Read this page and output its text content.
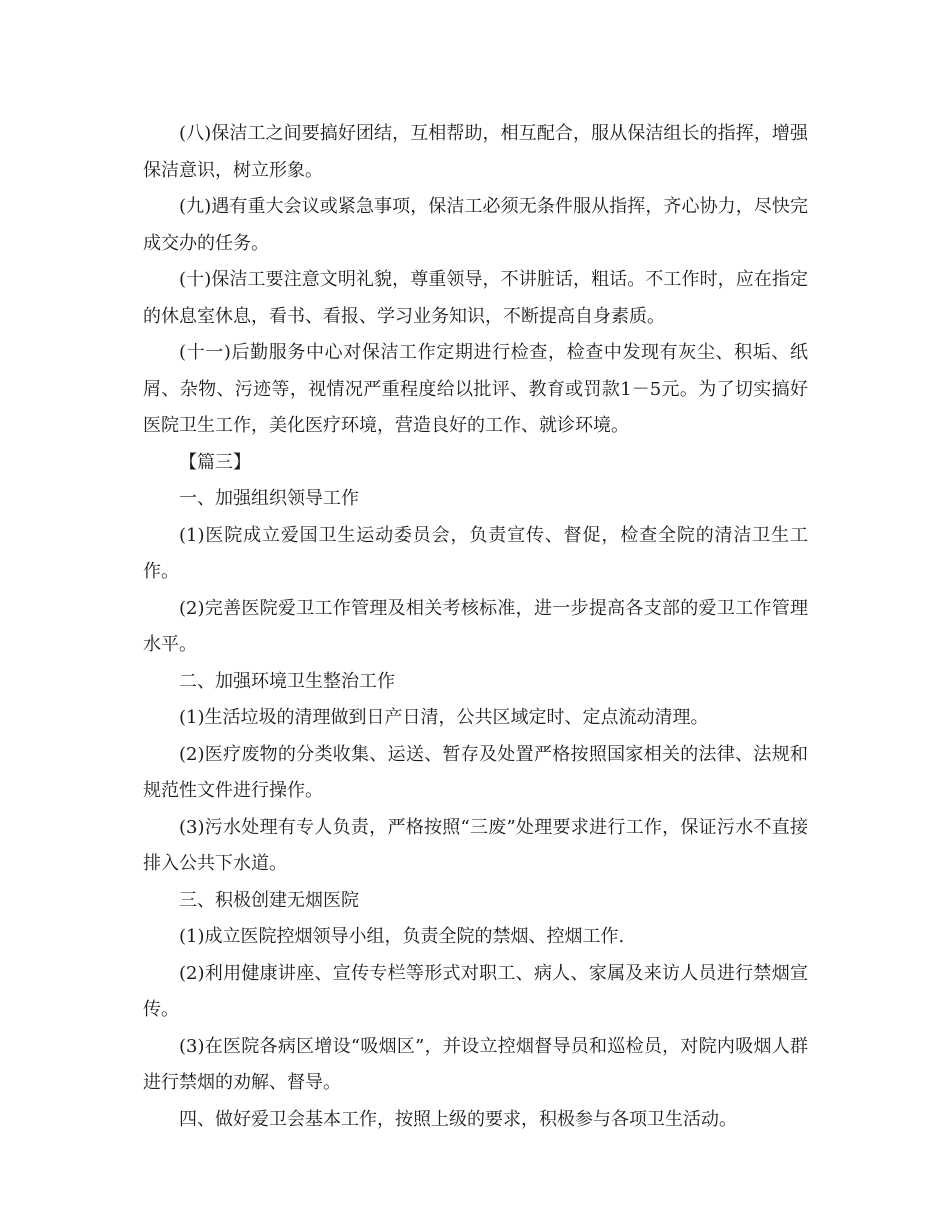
(八)保洁工之间要搞好团结，互相帮助，相互配合，服从保洁组长的指挥，增强保洁意识，树立形象。

(九)遇有重大会议或紧急事项，保洁工必须无条件服从指挥，齐心协力，尽快完成交办的任务。

(十)保洁工要注意文明礼貌，尊重领导，不讲脏话，粗话。不工作时，应在指定的休息室休息，看书、看报、学习业务知识，不断提高自身素质。

(十一)后勤服务中心对保洁工作定期进行检查，检查中发现有灰尘、积垢、纸屑、杂物、污迹等，视情况严重程度给以批评、教育或罚款1－5元。为了切实搞好医院卫生工作，美化医疗环境，营造良好的工作、就诊环境。

【篇三】

一、加强组织领导工作

(1)医院成立爱国卫生运动委员会，负责宣传、督促，检查全院的清洁卫生工作。

(2)完善医院爱卫工作管理及相关考核标准，进一步提高各支部的爱卫工作管理水平。

二、加强环境卫生整治工作

(1)生活垃圾的清理做到日产日清，公共区域定时、定点流动清理。

(2)医疗废物的分类收集、运送、暂存及处置严格按照国家相关的法律、法规和规范性文件进行操作。

(3)污水处理有专人负责，严格按照“三废”处理要求进行工作，保证污水不直接排入公共下水道。

三、积极创建无烟医院

(1)成立医院控烟领导小组，负责全院的禁烟、控烟工作.

(2)利用健康讲座、宣传专栏等形式对职工、病人、家属及来访人员进行禁烟宣传。

(3)在医院各病区增设“吸烟区”，并设立控烟督导员和巡检员，对院内吸烟人群进行禁烟的劝解、督导。

四、做好爱卫会基本工作，按照上级的要求，积极参与各项卫生活动。
